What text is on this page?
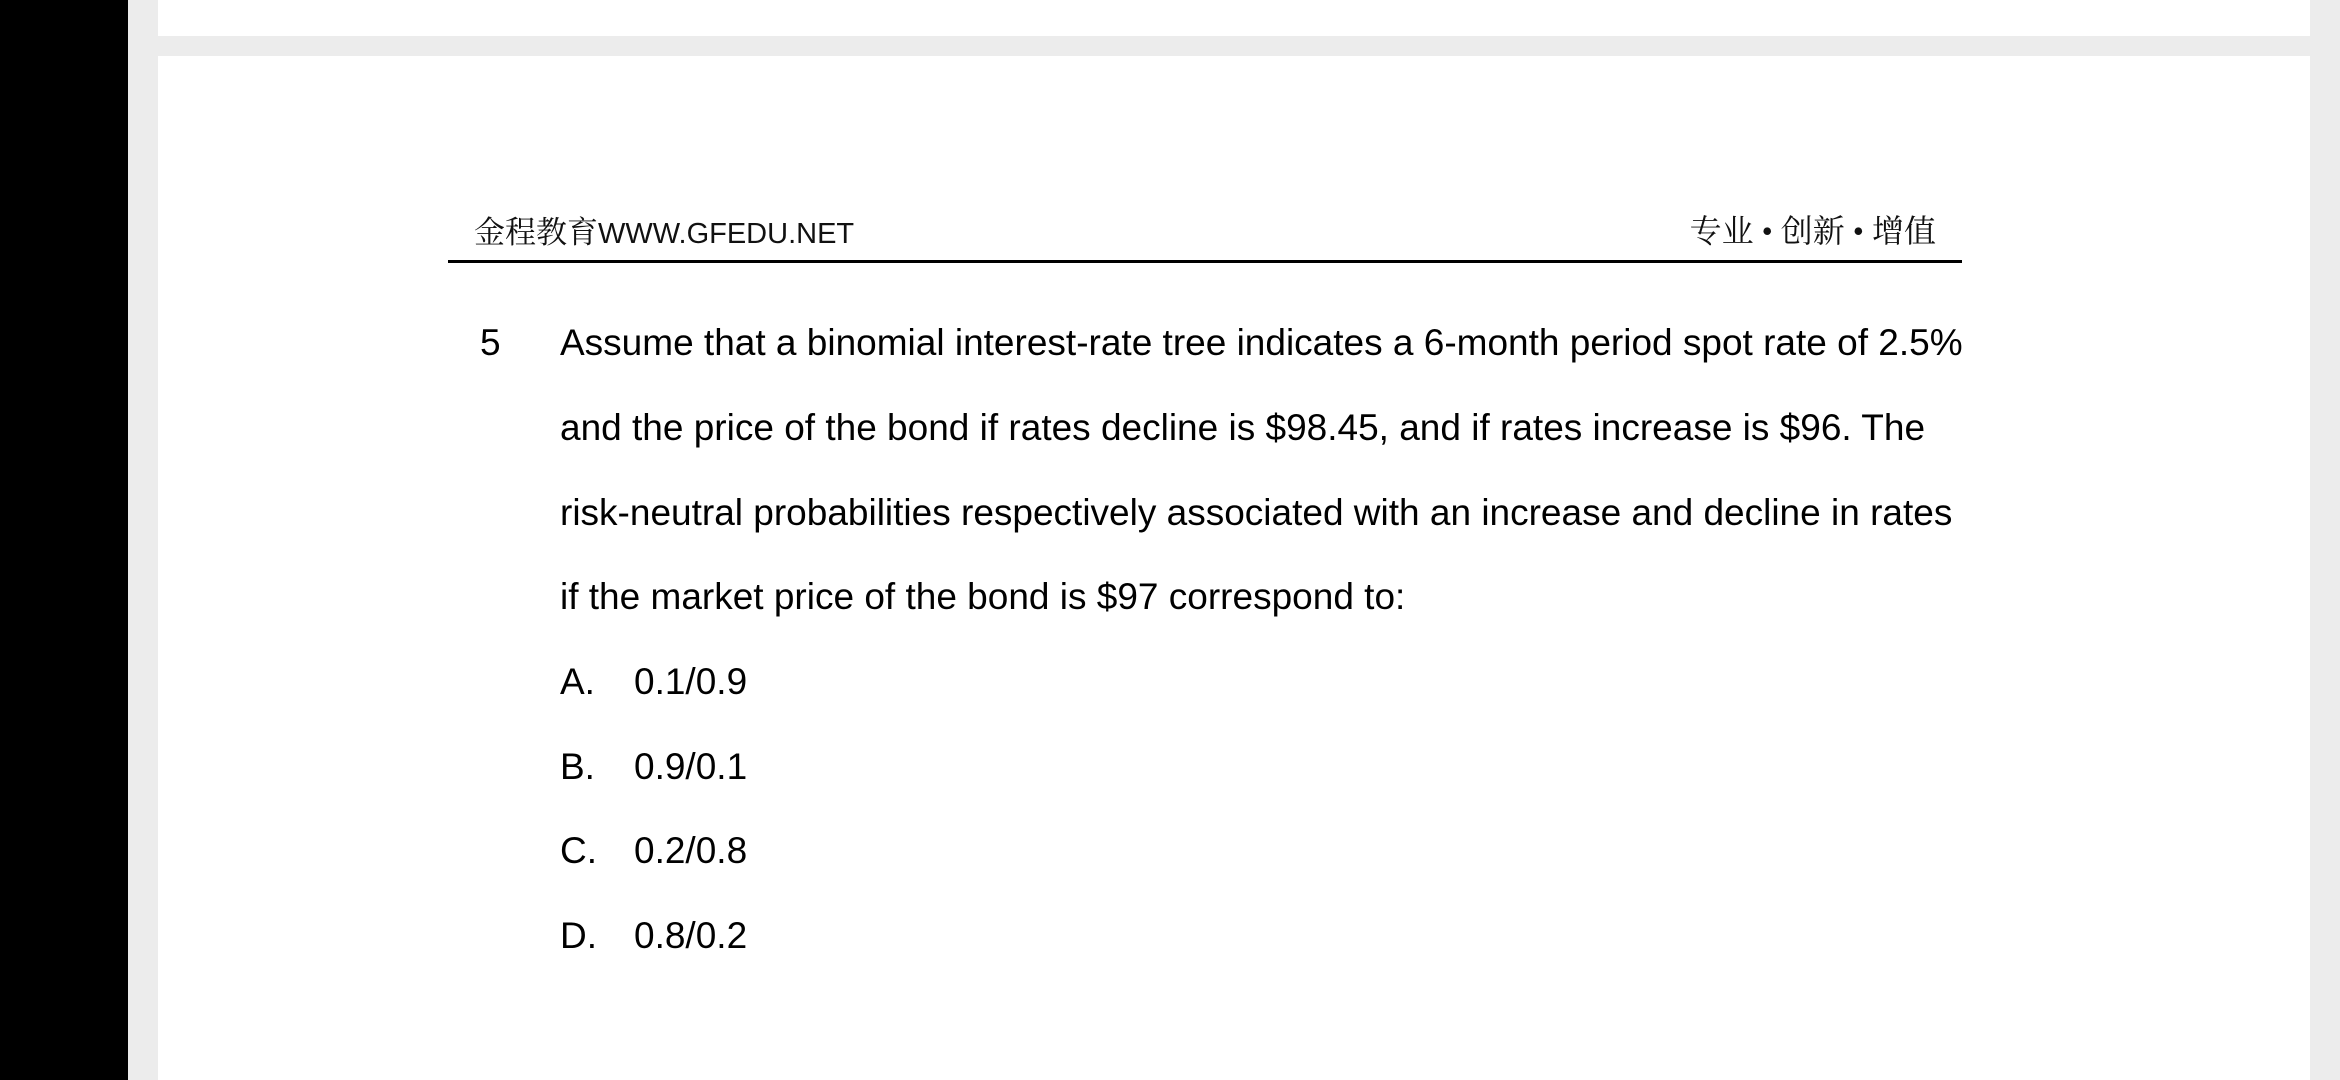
金程教育WWW.GFEDU.NET	专业 • 创新 • 增值
5 Assume that a binomial interest-rate tree indicates a 6-month period spot rate of 2.5%
and the price of the bond if rates decline is $98.45, and if rates increase is $96. The
risk-neutral probabilities respectively associated with an increase and decline in rates
if the market price of the bond is $97 correspond to:
A. 0.1/0.9
B. 0.9/0.1
C. 0.2/0.8
D. 0.8/0.2
